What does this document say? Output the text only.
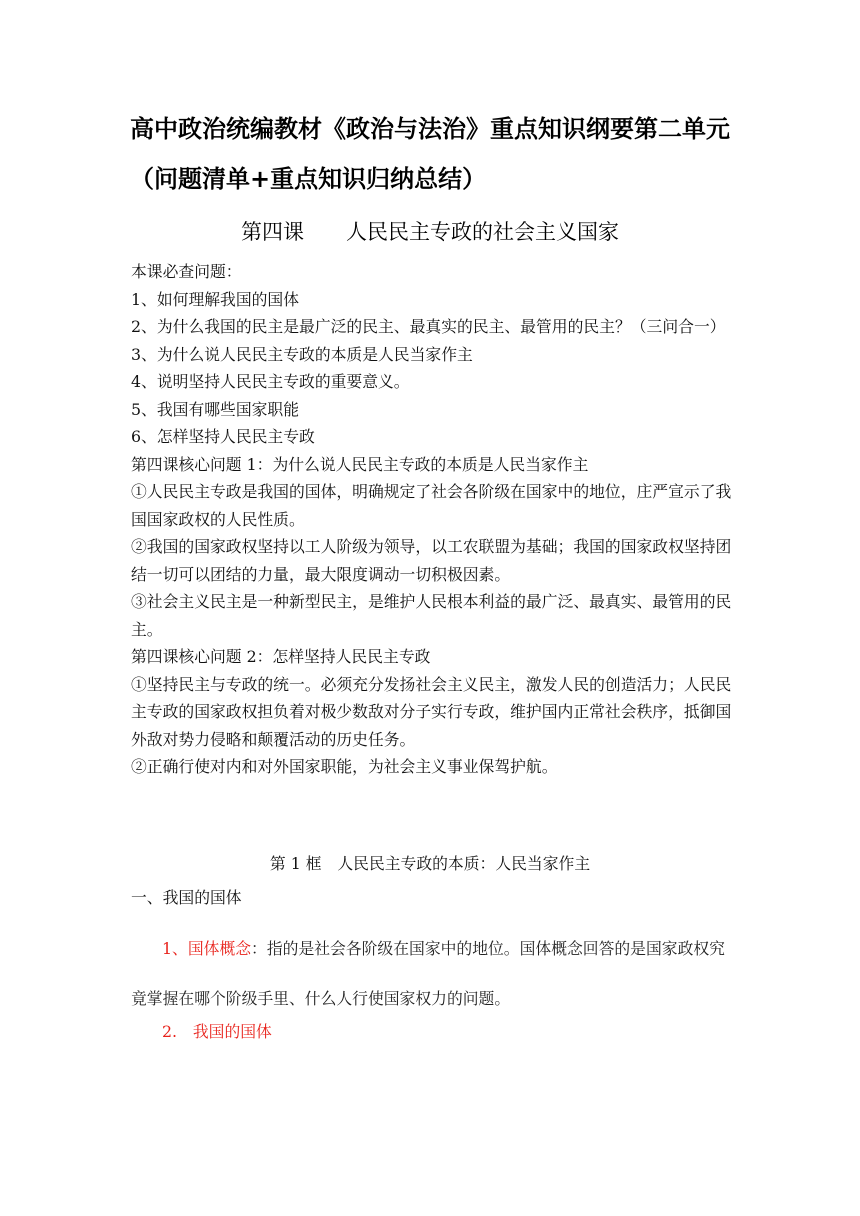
高中政治统编教材《政治与法治》重点知识纲要第二单元（问题清单+重点知识归纳总结）
第四课　　人民民主专政的社会主义国家

本课必查问题：

1、如何理解我国的国体

2、为什么我国的民主是最广泛的民主、最真实的民主、最管用的民主？（三问合一）

3、为什么说人民民主专政的本质是人民当家作主

4、说明坚持人民民主专政的重要意义。

5、我国有哪些国家职能

6、怎样坚持人民民主专政

第四课核心问题 1：为什么说人民民主专政的本质是人民当家作主

①人民民主专政是我国的国体，明确规定了社会各阶级在国家中的地位，庄严宣示了我国国家政权的人民性质。

②我国的国家政权坚持以工人阶级为领导，以工农联盟为基础；我国的国家政权坚持团结一切可以团结的力量，最大限度调动一切积极因素。

③社会主义民主是一种新型民主，是维护人民根本利益的最广泛、最真实、最管用的民主。

第四课核心问题 2：怎样坚持人民民主专政

①坚持民主与专政的统一。必须充分发扬社会主义民主，激发人民的创造活力；人民民主专政的国家政权担负着对极少数敌对分子实行专政，维护国内正常社会秩序，抵御国外敌对势力侵略和颠覆活动的历史任务。

②正确行使对内和对外国家职能，为社会主义事业保驾护航。

第 1 框　人民民主专政的本质：人民当家作主
一、我国的国体
1、国体概念：指的是社会各阶级在国家中的地位。国体概念回答的是国家政权究竟掌握在哪个阶级手里、什么人行使国家权力的问题。
2.　我国的国体
